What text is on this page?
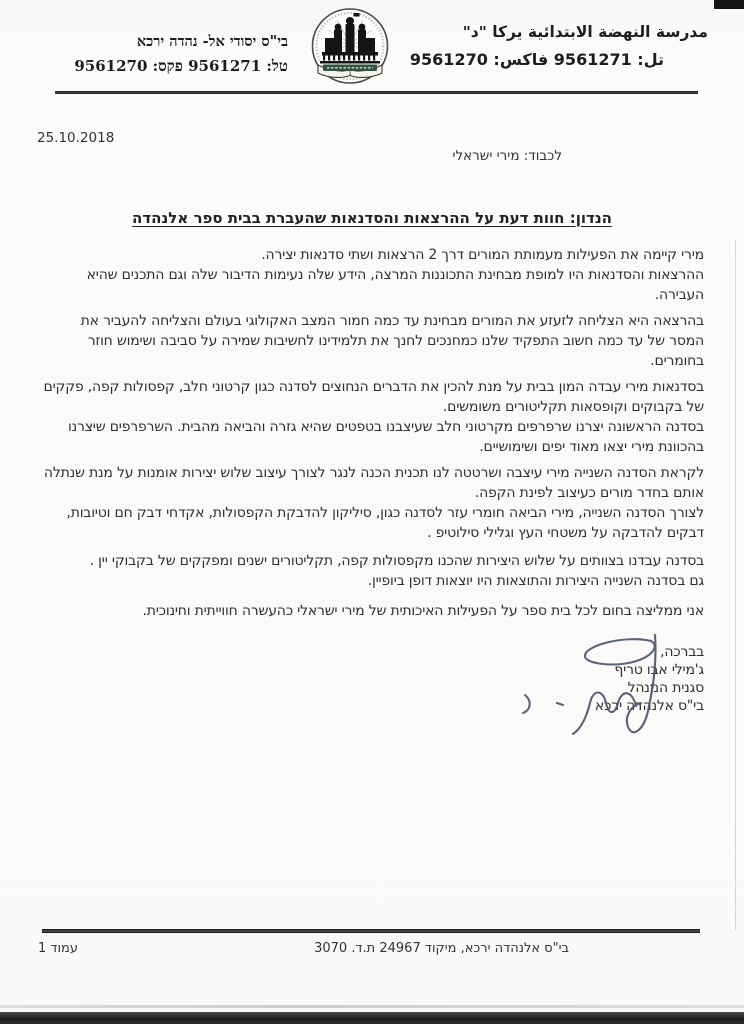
مدرسة النهضة الابتدائية يركا "د"
تل: 9561271 فاكس: 9561270
בי"ס יסודי אל- נהדה ירכא
טל: 9561271 פקס: 9561270
25.10.2018
לכבוד: מירי ישראלי
הנדון: חוות דעת על ההרצאות והסדנאות שהעברת בבית ספר אלנהדה

מירי קיימה את הפעילות מעמותת המורים דרך 2 הרצאות ושתי סדנאות יצירה.

ההרצאות והסדנאות היו למופת מבחינת התכוננות המרצה, הידע שלה נעימות הדיבור שלה וגם התכנים שהיא העבירה.

בהרצאה היא הצליחה לזעזע את המורים מבחינת עד כמה חמור המצב האקולוגי בעולם והצליחה להעביר את המסר של עד כמה חשוב התפקיד שלנו כמחנכים לחנך את תלמידינו לחשיבות שמירה על סביבה ושימוש חוזר בחומרים.

בסדנאות מירי עבדה המון בבית על מנת להכין את הדברים הנחוצים לסדנה כגון קרטוני חלב, קפסולות קפה, פקקים של בקבוקים וקופסאות תקליטורים משומשים.

בסדנה הראשונה יצרנו שרפרפים מקרטוני חלב שעיצבנו בטפטים שהיא גזרה והביאה מהבית. השרפרפים שיצרנו בהכוונת מירי יצאו מאוד יפים ושימושיים.

לקראת הסדנה השנייה מירי עיצבה ושרטטה לנו תכנית הכנה לנגר לצורך עיצוב שלוש יצירות אומנות על מנת שנתלה אותם בחדר מורים כעיצוב לפינת הקפה.

לצורך הסדנה השנייה, מירי הביאה חומרי עזר לסדנה כגון, סיליקון להדבקת הקפסולות, אקדחי דבק חם וטיובות, דבקים להדבקה על משטחי העץ וגלילי סילוטיפ .

בסדנה עבדנו בצוותים על שלוש היצירות שהכנו מקפסולות קפה, תקליטורים ישנים ומפקקים של בקבוקי יין .

גם בסדנה השנייה היצירות והתוצאות היו יוצאות דופן ביופיין.

אני ממליצה בחום לכל בית ספר על הפעילות האיכותית של מירי ישראלי כהעשרה חווייתית וחינוכית.

בברכה,

ג'מילי אבו טריף

סגנית המנהל

בי"ס אלנהדה ירכא

בי"ס אלנהדה ירכא, מיקוד 24967 ת.ד. 3070
עמוד 1
